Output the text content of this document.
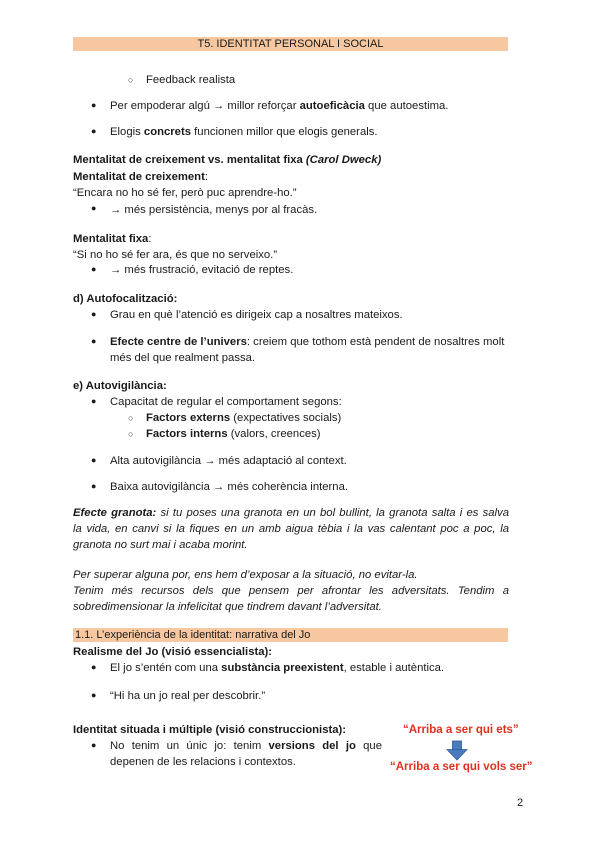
T5. IDENTITAT PERSONAL I SOCIAL
○ Feedback realista
● Per empoderar algú → millor reforçar autoeficàcia que autoestima.
● Elogis concrets funcionen millor que elogis generals.
Mentalitat de creixement vs. mentalitat fixa (Carol Dweck)
Mentalitat de creixement:
“Encara no ho sé fer, però puc aprendre-ho.”
● → més persistència, menys por al fracàs.
Mentalitat fixa:
“Si no ho sé fer ara, és que no serveixo.”
● → més frustració, evitació de reptes.
d) Autofocalització:
● Grau en què l’atenció es dirigeix cap a nosaltres mateixos.
● Efecte centre de l’univers: creiem que tothom està pendent de nosaltres molt
més del que realment passa.
e) Autovigilància:
● Capacitat de regular el comportament segons:
○ Factors externs (expectatives socials)
○ Factors interns (valors, creences)
● Alta autovigilància → més adaptació al context.
● Baixa autovigilància → més coherència interna.
Efecte granota: si tu poses una granota en un bol bullint, la granota salta i es salva
la vida, en canvi si la fiques en un amb aigua tèbia i la vas calentant poc a poc, la
granota no surt mai i acaba morint.
Per superar alguna por, ens hem d’exposar a la situació, no evitar-la.
Tenim més recursos dels que pensem per afrontar les adversitats. Tendim a
sobredimensionar la infelicitat que tindrem davant l’adversitat.
1.1. L’experiència de la identitat: narrativa del Jo
Realisme del Jo (visió essencialista):
● El jo s’entén com una substància preexistent, estable i autèntica.
● “Hi ha un jo real per descobrir.”
Identitat situada i múltiple (visió construccionista):
● No tenim un únic jo: tenim versions del jo que
depenen de les relacions i contextos.
“Arriba a ser qui ets”
“Arriba a ser qui vols ser”
2
